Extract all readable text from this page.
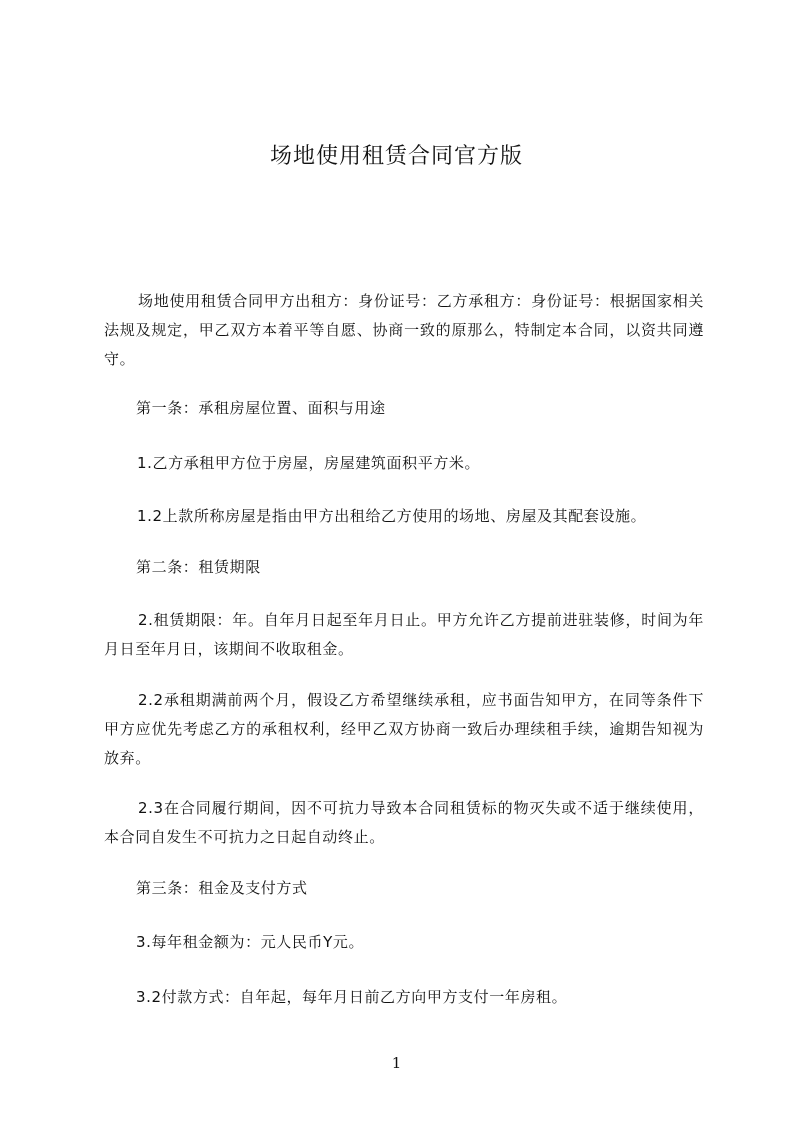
场地使用租赁合同官方版
场地使用租赁合同甲方出租方：身份证号：乙方承租方：身份证号：根据国家相关法规及规定，甲乙双方本着平等自愿、协商一致的原那么，特制定本合同，以资共同遵守。
第一条：承租房屋位置、面积与用途
1.乙方承租甲方位于房屋，房屋建筑面积平方米。
1.2上款所称房屋是指由甲方出租给乙方使用的场地、房屋及其配套设施。
第二条：租赁期限
2.租赁期限：年。自年月日起至年月日止。甲方允许乙方提前进驻装修，时间为年月日至年月日，该期间不收取租金。
2.2承租期满前两个月，假设乙方希望继续承租，应书面告知甲方，在同等条件下甲方应优先考虑乙方的承租权利，经甲乙双方协商一致后办理续租手续，逾期告知视为放弃。
2.3在合同履行期间，因不可抗力导致本合同租赁标的物灭失或不适于继续使用，本合同自发生不可抗力之日起自动终止。
第三条：租金及支付方式
3.每年租金额为：元人民币Y元。
3.2付款方式：自年起，每年月日前乙方向甲方支付一年房租。
1
